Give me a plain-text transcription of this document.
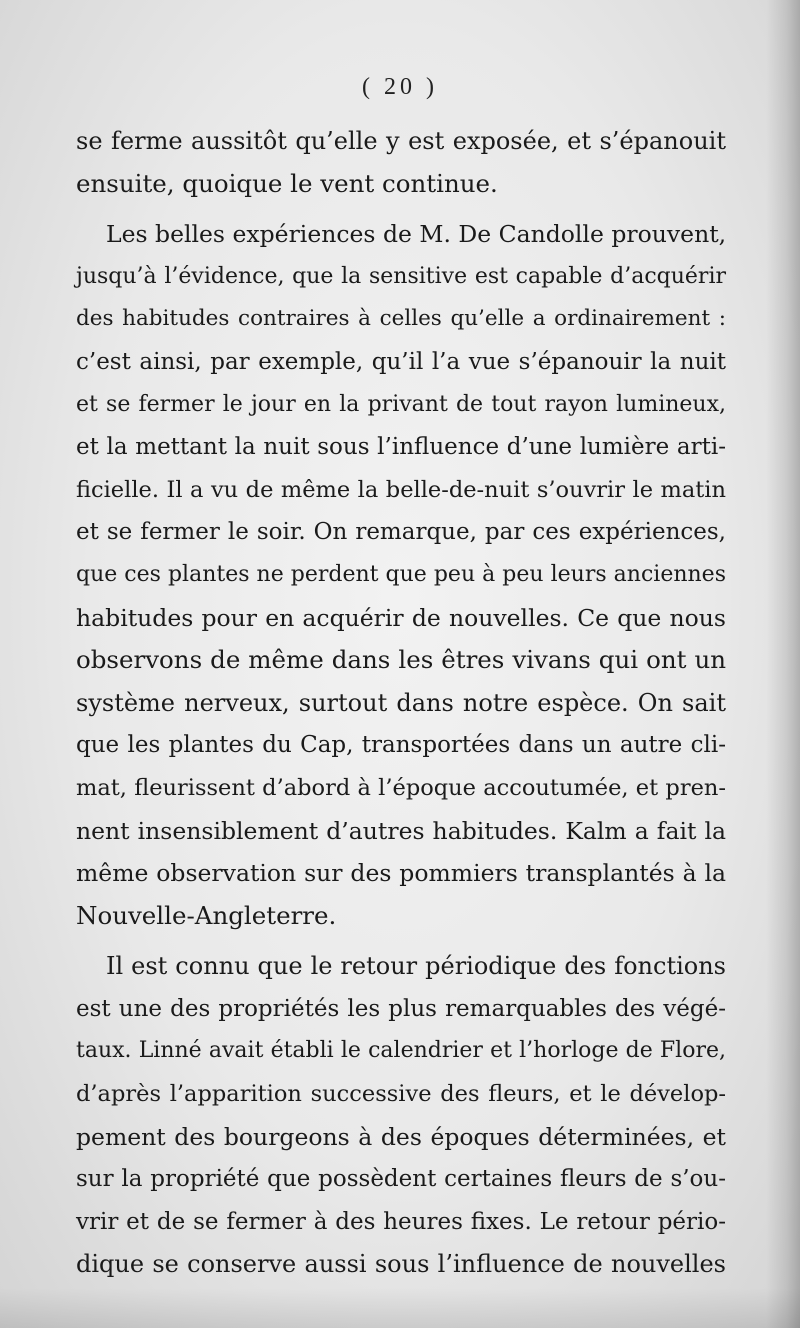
( 20 )
se ferme aussitôt qu’elle y est exposée, et s’épanouit
ensuite, quoique le vent continue.
Les belles expériences de M. De Candolle prouvent,
jusqu’à l’évidence, que la sensitive est capable d’acquérir
des habitudes contraires à celles qu’elle a ordinairement :
c’est ainsi, par exemple, qu’il l’a vue s’épanouir la nuit
et se fermer le jour en la privant de tout rayon lumineux,
et la mettant la nuit sous l’influence d’une lumière arti-
ficielle. Il a vu de même la belle-de-nuit s’ouvrir le matin
et se fermer le soir. On remarque, par ces expériences,
que ces plantes ne perdent que peu à peu leurs anciennes
habitudes pour en acquérir de nouvelles. Ce que nous
observons de même dans les êtres vivans qui ont un
système nerveux, surtout dans notre espèce. On sait
que les plantes du Cap, transportées dans un autre cli-
mat, fleurissent d’abord à l’époque accoutumée, et pren-
nent insensiblement d’autres habitudes. Kalm a fait la
même observation sur des pommiers transplantés à la
Nouvelle-Angleterre.
Il est connu que le retour périodique des fonctions
est une des propriétés les plus remarquables des végé-
taux. Linné avait établi le calendrier et l’horloge de Flore,
d’après l’apparition successive des fleurs, et le dévelop-
pement des bourgeons à des époques déterminées, et
sur la propriété que possèdent certaines fleurs de s’ou-
vrir et de se fermer à des heures fixes. Le retour pério-
dique se conserve aussi sous l’influence de nouvelles
